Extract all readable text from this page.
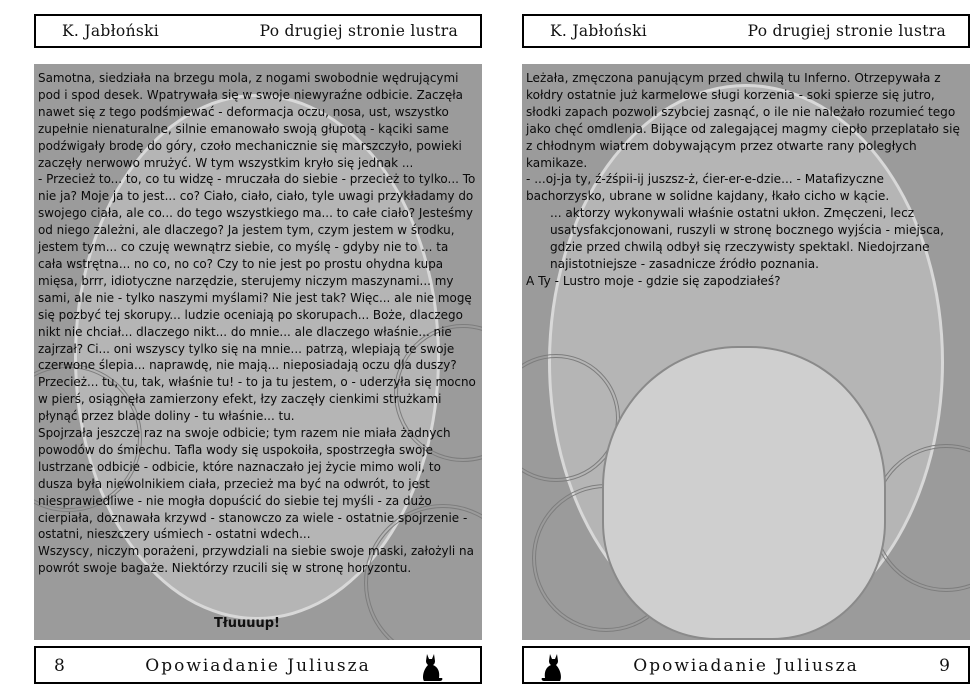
K. Jabłoński	Po drugiej stronie lustra

Samotna, siedziała na brzegu mola, z nogami swobodnie wędrującymi pod i spod desek. Wpatrywała się w swoje niewyraźne odbicie. Zaczęła nawet się z tego podśmiewać - deformacja oczu, nosa, ust, wszystko zupełnie nienaturalne, silnie emanowało swoją głupotą - kąciki same podźwigały brodę do góry, czoło mechanicznie się marszczyło, powieki zaczęły nerwowo mrużyć. W tym wszystkim kryło się jednak ...

- Przecież to... to, co tu widzę - mruczała do siebie - przecież to tylko... To nie ja? Moje ja to jest... co? Ciało, ciało, ciało, tyle uwagi przykładamy do swojego ciała, ale co... do tego wszystkiego ma... to całe ciało? Jesteśmy od niego zależni, ale dlaczego? Ja jestem tym, czym jestem w środku, jestem tym... co czuję wewnątrz siebie, co myślę - gdyby nie to ... ta cała wstrętna... no co, no co? Czy to nie jest po prostu ohydna kupa mięsa, brrr, idiotyczne narzędzie, sterujemy niczym maszynami... my sami, ale nie - tylko naszymi myślami? Nie jest tak? Więc... ale nie mogę się pozbyć tej skorupy... ludzie oceniają po skorupach... Boże, dlaczego nikt nie chciał... dlaczego nikt... do mnie... ale dlaczego właśnie... nie zajrzał? Ci... oni wszyscy tylko się na mnie... patrzą, wlepiają te swoje czerwone ślepia... naprawdę, nie mają... nieposiadają oczu dla duszy? Przecież... tu, tu, tak, właśnie tu! - to ja tu jestem, o - uderzyła się mocno w pierś, osiągnęła zamierzony efekt, łzy zaczęły cienkimi strużkami płynąć przez blade doliny - tu właśnie... tu.

Spojrzała jeszcze raz na swoje odbicie; tym razem nie miała żadnych powodów do śmiechu. Tafla wody się uspokoiła, spostrzegła swoje lustrzane odbicie - odbicie, które naznaczało jej życie mimo woli, to dusza była niewolnikiem ciała, przecież ma być na odwrót, to jest niesprawiedliwe - nie mogła dopuścić do siebie tej myśli - za dużo cierpiała, doznawała krzywd - stanowczo za wiele - ostatnie spojrzenie - ostatni, nieszczery uśmiech - ostatni wdech...

Wszyscy, niczym porażeni, przywdziali na siebie swoje maski, założyli na powrót swoje bagaże. Niektórzy rzucili się w stronę horyzontu.

Tłuuuup!
8	Opowiadanie Juliusza
K. Jabłoński	Po drugiej stronie lustra

Leżała, zmęczona panującym przed chwilą tu Inferno. Otrzepywała z kołdry ostatnie już karmelowe sługi korzenia - soki spierze się jutro, słodki zapach pozwoli szybciej zasnąć, o ile nie należało rozumieć tego jako chęć omdlenia. Bijące od zalegającej magmy ciepło przeplatało się z chłodnym wiatrem dobywającym przez otwarte rany poległych kamikaze.

- ...oj-ja ty, ź-źśpii-ij juszsz-ż, ćier-er-e-dzie... - Matafizyczne bachorzysko, ubrane w solidne kajdany, łkało cicho w kącie.

... aktorzy wykonywali właśnie ostatni ukłon. Zmęczeni, lecz usatysfakcjonowani, ruszyli w stronę bocznego wyjścia - miejsca, gdzie przed chwilą odbył się rzeczywisty spektakl. Niedojrzane najistotniejsze - zasadnicze źródło poznania.

A Ty - Lustro moje - gdzie się zapodziałeś?

Opowiadanie Juliusza	9
